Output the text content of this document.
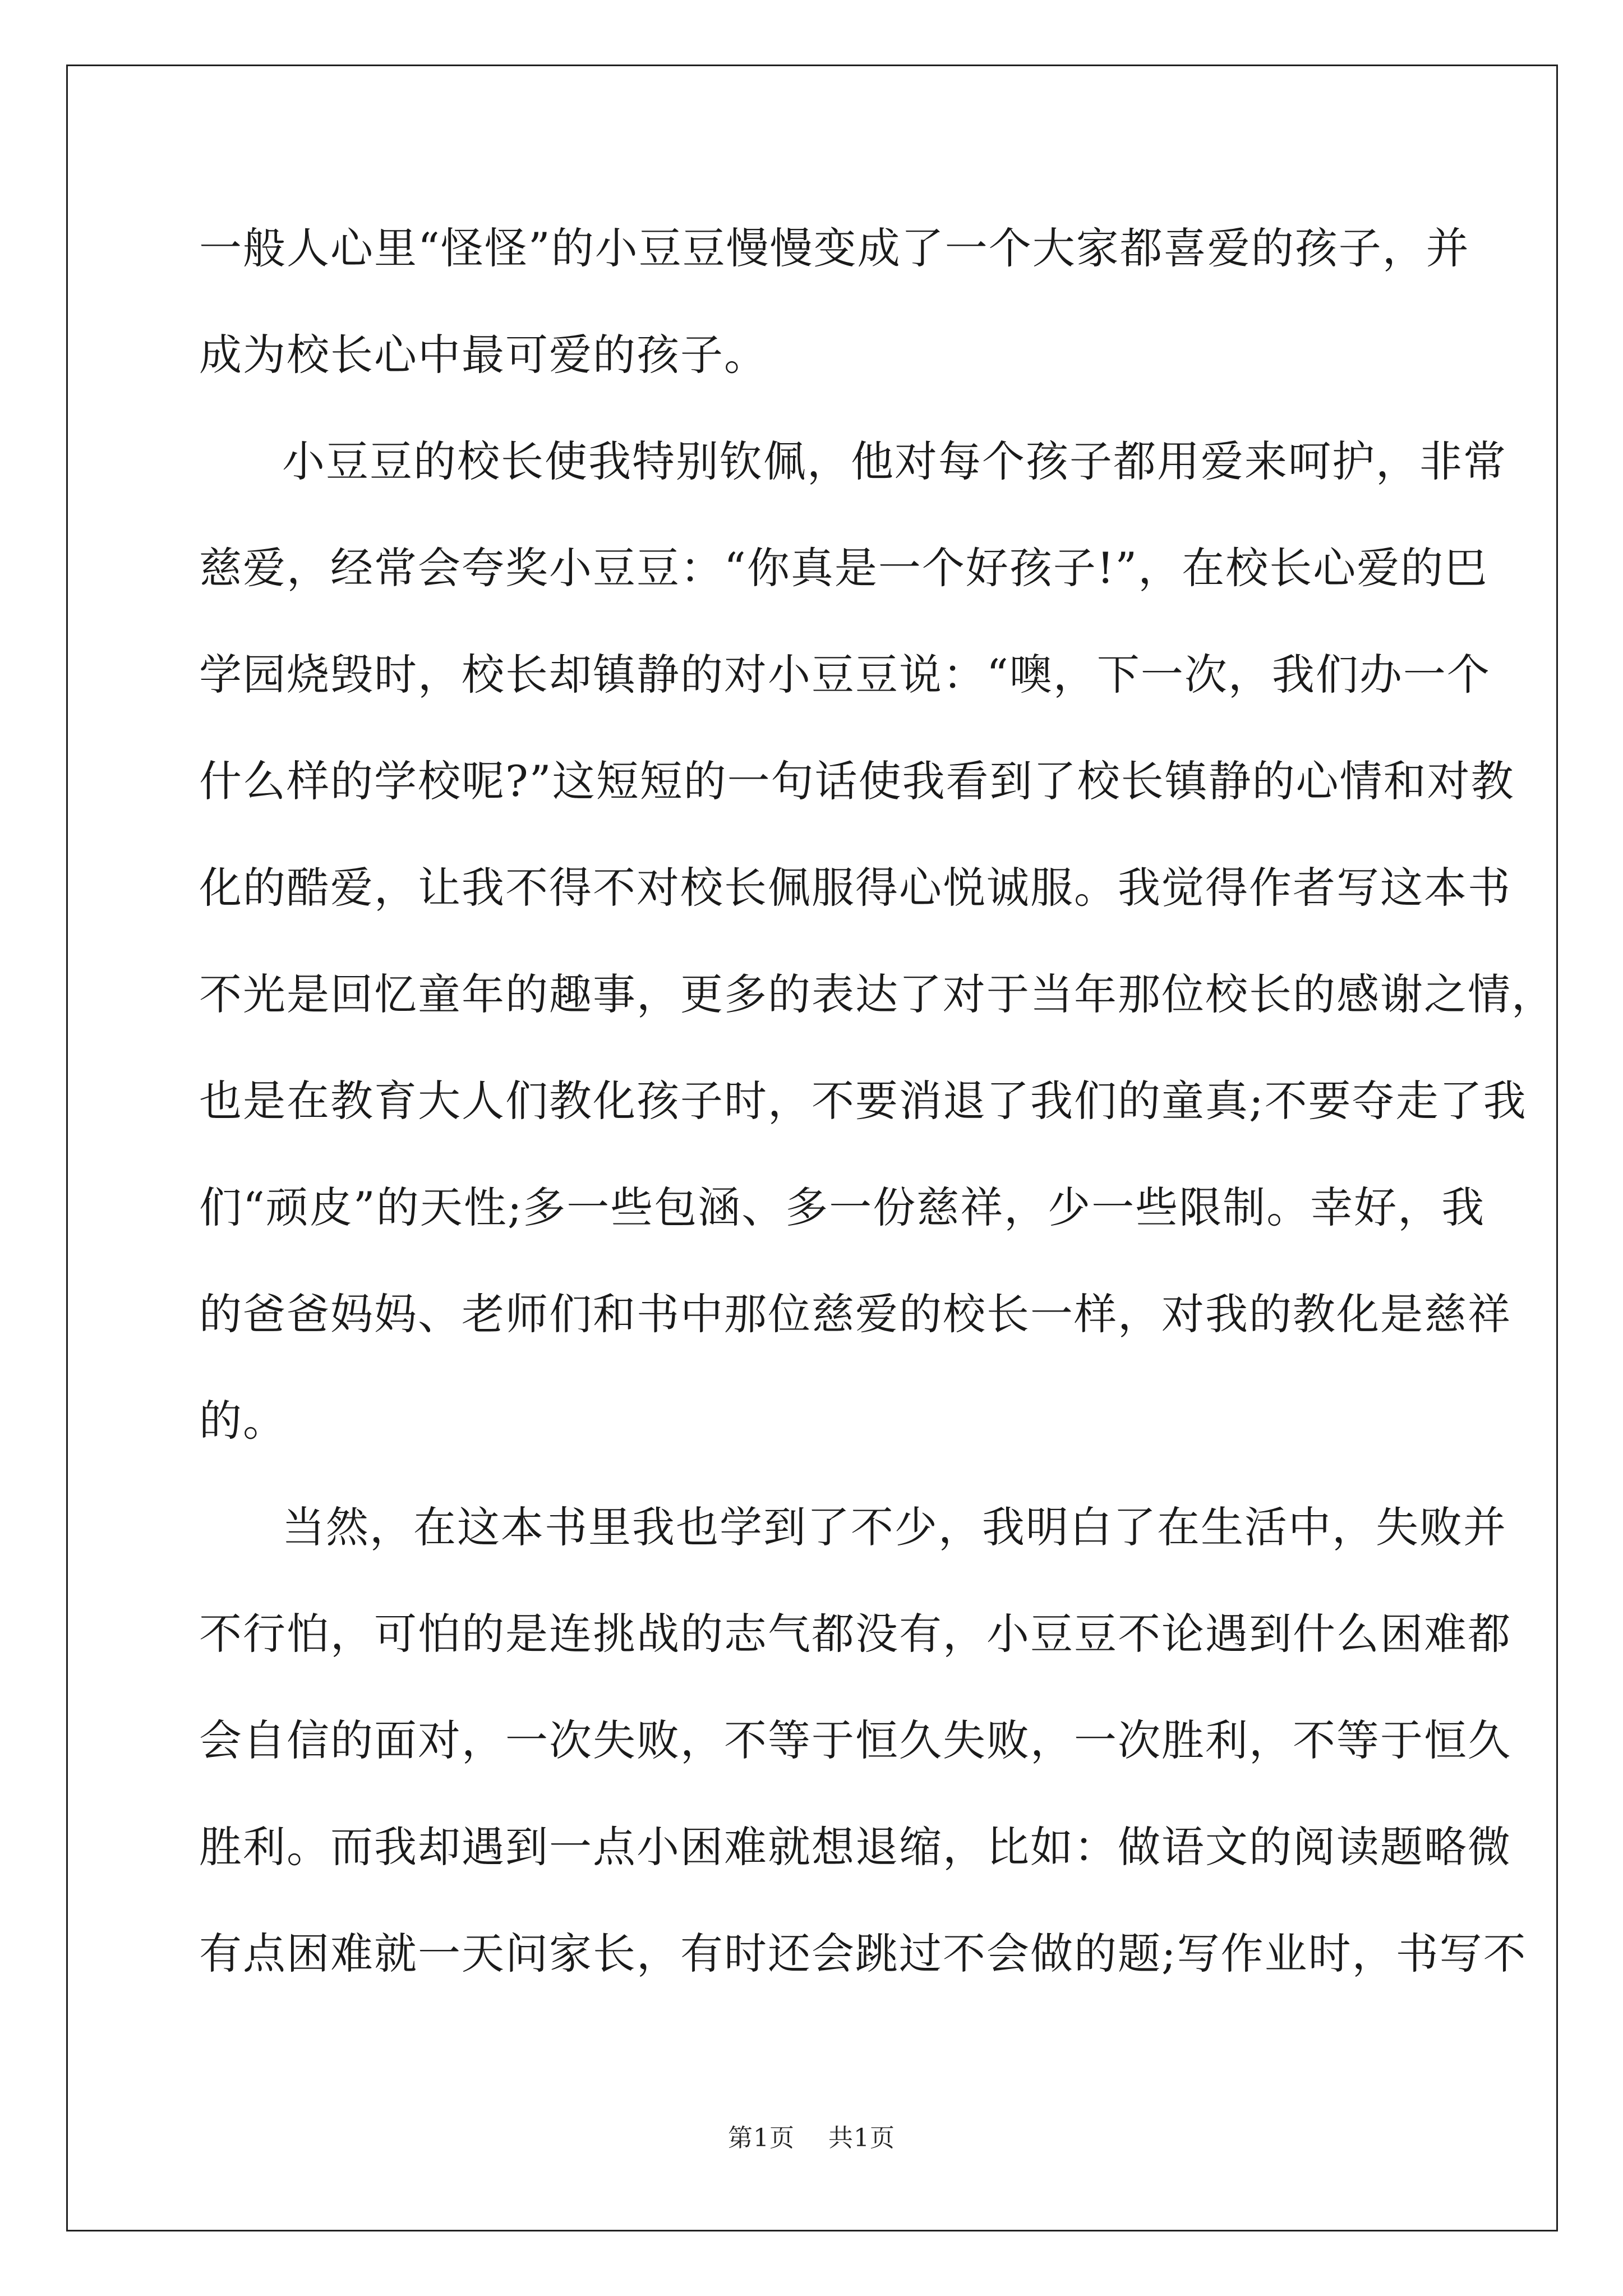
一般人心里“怪怪”的小豆豆慢慢变成了一个大家都喜爱的孩子，并
成为校长心中最可爱的孩子。
小豆豆的校长使我特别钦佩，他对每个孩子都用爱来呵护，非常
慈爱，经常会夸奖小豆豆：“你真是一个好孩子!”，在校长心爱的巴
学园烧毁时，校长却镇静的对小豆豆说：“噢，下一次，我们办一个
什么样的学校呢?”这短短的一句话使我看到了校长镇静的心情和对教
化的酷爱，让我不得不对校长佩服得心悦诚服。我觉得作者写这本书
不光是回忆童年的趣事，更多的表达了对于当年那位校长的感谢之情，
也是在教育大人们教化孩子时，不要消退了我们的童真;不要夺走了我
们“顽皮”的天性;多一些包涵、多一份慈祥，少一些限制。幸好，我
的爸爸妈妈、老师们和书中那位慈爱的校长一样，对我的教化是慈祥
的。
当然，在这本书里我也学到了不少，我明白了在生活中，失败并
不行怕，可怕的是连挑战的志气都没有，小豆豆不论遇到什么困难都
会自信的面对，一次失败，不等于恒久失败，一次胜利，不等于恒久
胜利。而我却遇到一点小困难就想退缩，比如：做语文的阅读题略微
有点困难就一天问家长，有时还会跳过不会做的题;写作业时，书写不
第1页 共1页
